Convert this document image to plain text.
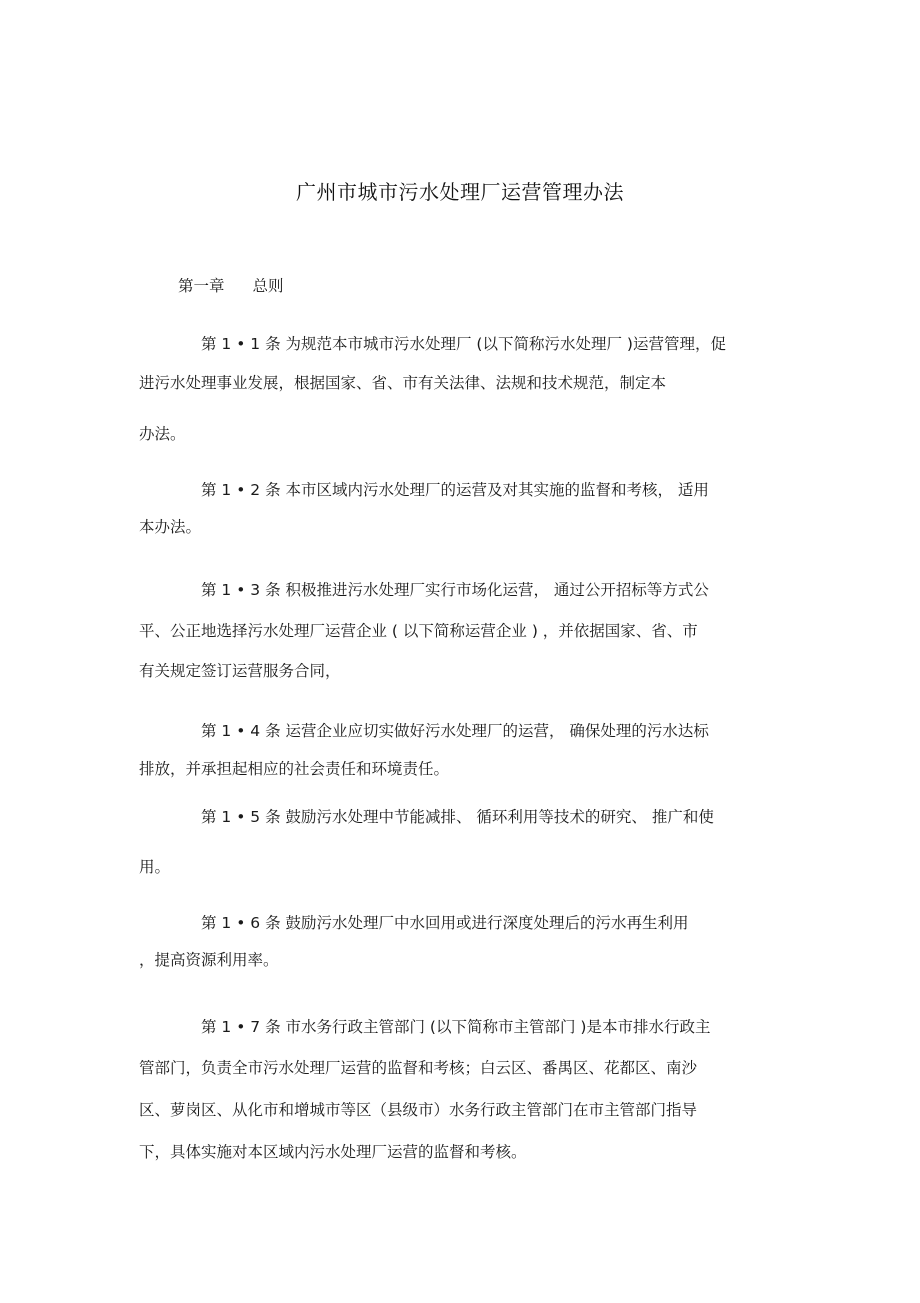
广州市城市污水处理厂运营管理办法
第一章 总则
第 1 • 1 条 为规范本市城市污水处理厂 (以下简称污水处理厂 )运营管理，促
进污水处理事业发展，根据国家、省、市有关法律、法规和技术规范，制定本
办法。
第 1 • 2 条 本市区域内污水处理厂的运营及对其实施的监督和考核， 适用
本办法。
第 1 • 3 条 积极推进污水处理厂实行市场化运营， 通过公开招标等方式公
平、公正地选择污水处理厂运营企业 ( 以下简称运营企业 ) ，并依据国家、省、市
有关规定签订运营服务合同，
第 1 • 4 条 运营企业应切实做好污水处理厂的运营， 确保处理的污水达标
排放，并承担起相应的社会责任和环境责任。
第 1 • 5 条 鼓励污水处理中节能减排、 循环利用等技术的研究、 推广和使
用。
第 1 • 6 条 鼓励污水处理厂中水回用或进行深度处理后的污水再生利用
，提高资源利用率。
第 1 • 7 条 市水务行政主管部门 (以下简称市主管部门 )是本市排水行政主
管部门，负责全市污水处理厂运营的监督和考核；白云区、番禺区、花都区、南沙
区、萝岗区、从化市和增城市等区（县级市）水务行政主管部门在市主管部门指导
下，具体实施对本区域内污水处理厂运营的监督和考核。
